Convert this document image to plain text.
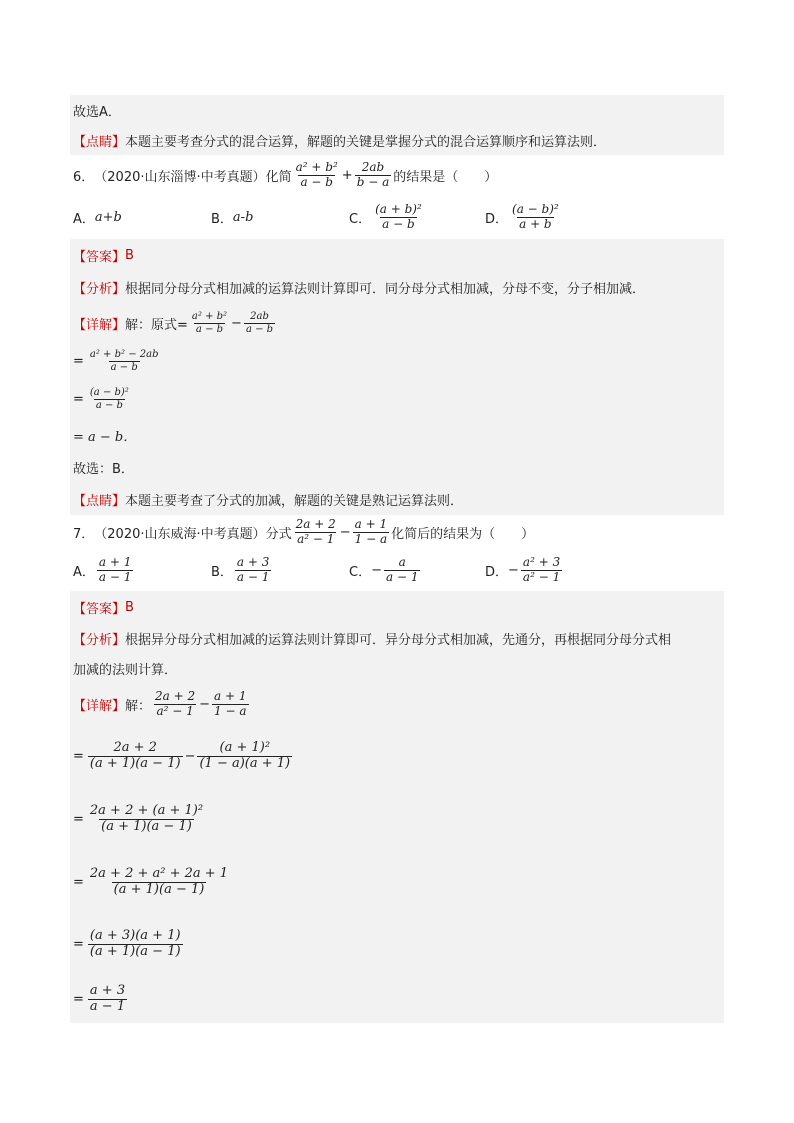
故选A．
【点睛】 本题主要考查分式的混合运算，解题的关键是掌握分式的混合运算顺序和运算法则．
6． （2020·山东淄博·中考真题） 化简 $\frac{\text{a² + b²}}{a - b} + \frac{2ab}{b - a}$ 的结果是（　　）
A． a+b	B． a-b	C． $\frac{\text{(a + b)²}}{a - b}$	D． $\frac{\text{(a − b)²}}{a + b}$
【答案】 B
【分析】 根据同分母分式相加减的运算法则计算即可．同分母分式相加减，分母不变，分子相加减．
【详解】 解：原式= $\frac{\text{a² + b²}}{a - b} - \frac{2ab}{a - b}$
= $\frac{\text{a² + b² − 2ab}}{a - b}$
= $\frac{\text{(a − b)²}}{a - b}$
= a − b．
故选：B．
【点睛】 本题主要考查了分式的加减，解题的关键是熟记运算法则．
7． （2020·山东威海·中考真题） 分式 $\frac{2a + 2}{\text{a² − 1}} - \frac{a + 1}{1 - a}$ 化简后的结果为（　　）
A． $\frac{a + 1}{a - 1}$	B． $\frac{a + 3}{a - 1}$	C． − $\frac{a}{a - 1}$	D． − $\frac{\text{a² + 3}}{\text{a² − 1}}$
【答案】 B
【分析】 根据异分母分式相加减的运算法则计算即可．异分母分式相加减，先通分，再根据同分母分式相
加减的法则计算．
【详解】 解： $\frac{2a + 2}{\text{a² − 1}} - \frac{a + 1}{1 - a}$
= $\frac{2a + 2}{(a + 1)(a - 1)} - \frac{\text{(a + 1)²}}{(1 - a)(a + 1)}$
= $\frac{\text{2a + 2 + (a + 1)²}}{(a + 1)(a - 1)}$
= $\frac{\text{2a + 2 + a² + 2a + 1}}{(a + 1)(a - 1)}$
= $\frac{(a + 3)(a + 1)}{(a + 1)(a - 1)}$
= $\frac{a + 3}{a - 1}$
